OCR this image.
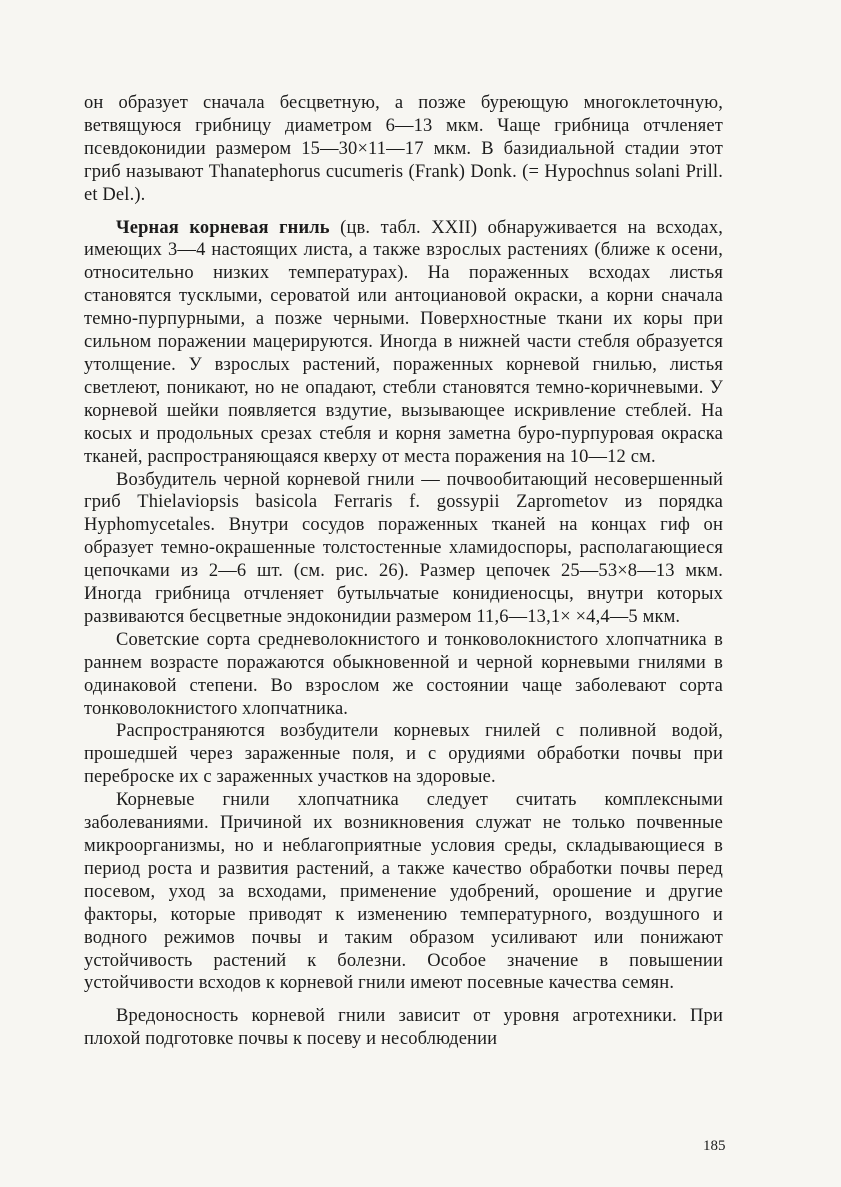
он образует сначала бесцветную, а позже буреющую многоклеточную, ветвящуюся грибницу диаметром 6—13 мкм. Чаще грибница отчленяет псевдоконидии размером 15—30×11—17 мкм. В базидиальной стадии этот гриб называют Thanatephorus cucumeris (Frank) Donk. (= Hypochnus solani Prill. et Del.).

Черная корневая гниль (цв. табл. XXII) обнаруживается на всходах, имеющих 3—4 настоящих листа, а также взрослых растениях (ближе к осени, относительно низких температурах). На пораженных всходах листья становятся тусклыми, сероватой или антоциановой окраски, а корни сначала темно-пурпурными, а позже черными. Поверхностные ткани их коры при сильном поражении мацерируются. Иногда в нижней части стебля образуется утолщение. У взрослых растений, пораженных корневой гнилью, листья светлеют, поникают, но не опадают, стебли становятся темно-коричневыми. У корневой шейки появляется вздутие, вызывающее искривление стеблей. На косых и продольных срезах стебля и корня заметна буро-пурпуровая окраска тканей, распространяющаяся кверху от места поражения на 10—12 см.

Возбудитель черной корневой гнили — почвообитающий несовершенный гриб Thielaviopsis basicola Ferraris f. gossypii Zaprometov из порядка Hyphomycetales. Внутри сосудов пораженных тканей на концах гиф он образует темно-окрашенные толстостенные хламидоспоры, располагающиеся цепочками из 2—6 шт. (см. рис. 26). Размер цепочек 25—53×8—13 мкм. Иногда грибница отчленяет бутыльчатые конидиеносцы, внутри которых развиваются бесцветные эндоконидии размером 11,6—13,1× ×4,4—5 мкм.

Советские сорта средневолокнистого и тонковолокнистого хлопчатника в раннем возрасте поражаются обыкновенной и черной корневыми гнилями в одинаковой степени. Во взрослом же состоянии чаще заболевают сорта тонковолокнистого хлопчатника.

Распространяются возбудители корневых гнилей с поливной водой, прошедшей через зараженные поля, и с орудиями обработки почвы при переброске их с зараженных участков на здоровые.

Корневые гнили хлопчатника следует считать комплексными заболеваниями. Причиной их возникновения служат не только почвенные микроорганизмы, но и неблагоприятные условия среды, складывающиеся в период роста и развития растений, а также качество обработки почвы перед посевом, уход за всходами, применение удобрений, орошение и другие факторы, которые приводят к изменению температурного, воздушного и водного режимов почвы и таким образом усиливают или понижают устойчивость растений к болезни. Особое значение в повышении устойчивости всходов к корневой гнили имеют посевные качества семян.

Вредоносность корневой гнили зависит от уровня агротехники. При плохой подготовке почвы к посеву и несоблюдении

185
